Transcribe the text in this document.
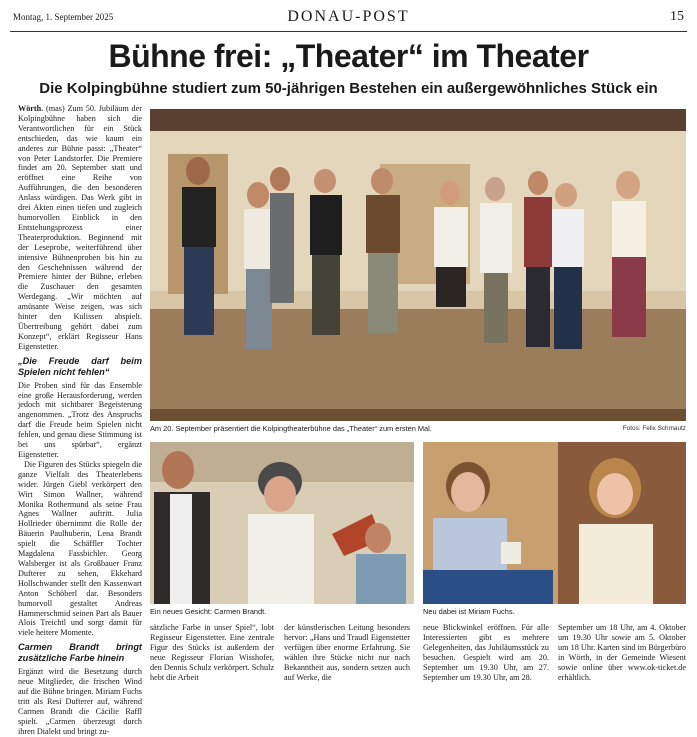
Montag, 1. September 2025	DONAU-POST	15
Bühne frei: „Theater“ im Theater
Die Kolpingbühne studiert zum 50-jährigen Bestehen ein außergewöhnliches Stück ein

Wörth. (mas) Zum 50. Jubiläum der Kolpingbühne haben sich die Verantwortlichen für ein Stück entschieden, das wie kaum ein anderes zur Bühne passt: „Theater“ von Peter Landstorfer. Die Premiere findet am 20. September statt und eröffnet eine Reihe von Aufführungen, die den besonderen Anlass würdigen. Das Werk gibt in drei Akten einen tiefen und zugleich humorvollen Einblick in den Entstehungsprozess einer Theaterproduktion. Beginnend mit der Leseprobe, weiterführend über intensive Bühnenproben bis hin zu den Geschehnissen während der Premiere hinter der Bühne, erleben die Zuschauer den gesamten Werdegang. „Wir möchten auf amüsante Weise zeigen, was sich hinter den Kulissen abspielt. Übertreibung gehört dabei zum Konzept“, erklärt Regisseur Hans Eigenstetter.

„Die Freude darf beim Spielen nicht fehlen“

Die Proben sind für das Ensemble eine große Herausforderung, werden jedoch mit sichtbarer Begeisterung angenommen. „Trotz des Anspruchs darf die Freude beim Spielen nicht fehlen, und genau diese Stimmung ist bei uns spürbar“, ergänzt Eigenstetter.

Die Figuren des Stücks spiegeln die ganze Vielfalt des Theaterlebens wider. Jürgen Giebl verkörpert den Wirt Simon Wallner, während Monika Rothermund als seine Frau Agnes Wallner auftritt. Julia Hollrieder übernimmt die Rolle der Bäuerin Paulhuberin, Lena Brandt spielt die Schäffler Tochter Magdalena Fassbichler. Georg Walsberger ist als Großbauer Franz Dufterer zu sehen, Ekkehard Hollschwander stellt den Kassenwart Anton Schöberl dar. Besonders humorvoll gestaltet Andreas Hammerschmid seinen Part als Bauer Alois Treichtl und sorgt damit für viele heitere Momente.

Carmen Brandt bringt zusätzliche Farbe hinein

Ergänzt wird die Besetzung durch neue Mitglieder, die frischen Wind auf die Bühne bringen. Miriam Fuchs tritt als Resi Dufterer auf, während Carmen Brandt die Cäcilie Raffl spielt. „Carmen überzeugt durch ihren Dialekt und bringt zu-

Am 20. September präsentiert die Kolpingtheaterbühne das „Theater“ zum ersten Mal.	Fotos: Felix Schmautz
Ein neues Gesicht: Carmen Brandt.	Neu dabei ist Miriam Fuchs.

sätzliche Farbe in unser Spiel“, lobt Regisseur Eigenstetter. Eine zentrale Figur des Stücks ist außerdem der neue Regisseur Florian Wisshofer, den Dennis Schulz verkörpert. Schulz hebt die Arbeit

der künstlerischen Leitung besonders hervor: „Hans und Traudl Eigenstetter verfügen über enorme Erfahrung. Sie wählen ihre Stücke nicht nur nach Bekanntheit aus, sondern setzen auch auf Werke, die

neue Blickwinkel eröffnen. Für alle Interessierten gibt es mehrere Gelegenheiten, das Jubiläumsstück zu besuchen. Gespielt wird am 20. September um 19.30 Uhr, am 27. September um 19.30 Uhr, am 28.

September um 18 Uhr, am 4. Oktober um 19.30 Uhr sowie am 5. Oktober um 18 Uhr. Karten sind im Bürgerbüro in Wörth, in der Gemeinde Wiesent sowie online über www.ok-ticket.de erhältlich.
